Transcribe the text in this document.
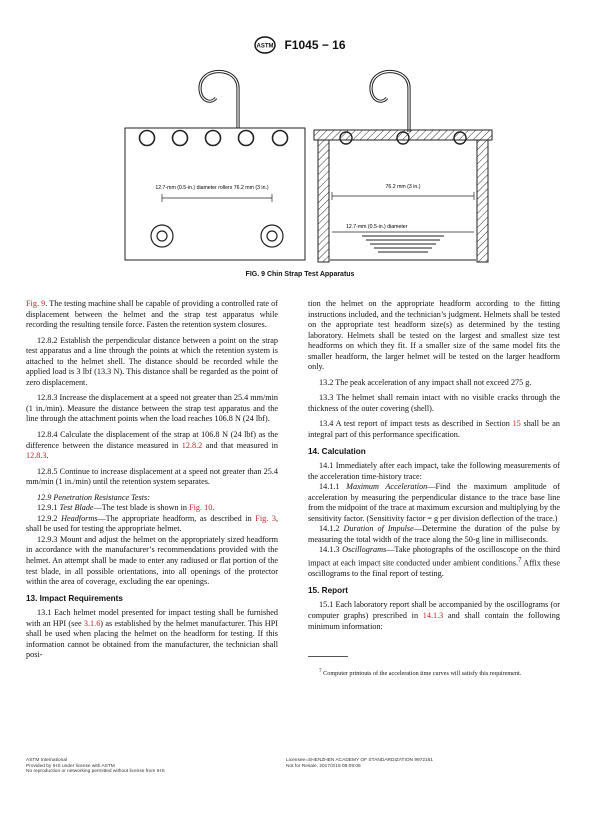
ASTM F1045 − 16
12.7-mm (0.5-in.) diameter rollers 76.2 mm (3 in.)	76.2 mm (3 in.)
12.7-mm (0.5-in.) diameter
FIG. 9 Chin Strap Test Apparatus

Fig. 9. The testing machine shall be capable of providing a controlled rate of displacement between the helmet and the strap test apparatus while recording the resulting tensile force. Fasten the retention system closures.

12.8.2 Establish the perpendicular distance between a point on the strap test apparatus and a line through the points at which the retention system is attached to the helmet shell. The distance should be recorded while the applied load is 3 lbf (13.3 N). This distance shall be regarded as the point of zero displacement.

12.8.3 Increase the displacement at a speed not greater than 25.4 mm/min (1 in./min). Measure the distance between the strap test apparatus and the line through the attachment points when the load reaches 106.8 N (24 lbf).

12.8.4 Calculate the displacement of the strap at 106.8 N (24 lbf) as the difference between the distance measured in 12.8.2 and that measured in 12.8.3.

12.8.5 Continue to increase displacement at a speed not greater than 25.4 mm/min (1 in./min) until the retention system separates.

12.9 Penetration Resistance Tests:

12.9.1 Test Blade—The test blade is shown in Fig. 10.

12.9.2 Headforms—The appropriate headform, as described in Fig. 3, shall be used for testing the appropriate helmet.

12.9.3 Mount and adjust the helmet on the appropriately sized headform in accordance with the manufacturer’s recommendations provided with the helmet. An attempt shall be made to enter any radiused or flat portion of the test blade, in all possible orientations, into all openings of the protector within the area of coverage, excluding the ear openings.

13. Impact Requirements

13.1 Each helmet model presented for impact testing shall be furnished with an HPI (see 3.1.6) as established by the helmet manufacturer. This HPI shall be used when placing the helmet on the headform for testing. If this information cannot be obtained from the manufacturer, the technician shall posi-

tion the helmet on the appropriate headform according to the fitting instructions included, and the technician’s judgment. Helmets shall be tested on the appropriate test headform size(s) as determined by the testing laboratory. Helmets shall be tested on the largest and smallest size test headforms on which they fit. If a smaller size of the same model fits the smaller headform, the larger helmet will be tested on the larger headform only.

13.2 The peak acceleration of any impact shall not exceed 275 g.

13.3 The helmet shall remain intact with no visible cracks through the thickness of the outer covering (shell).

13.4 A test report of impact tests as described in Section 15 shall be an integral part of this performance specification.

14. Calculation

14.1 Immediately after each impact, take the following measurements of the acceleration time-history trace:

14.1.1 Maximum Acceleration—Find the maximum amplitude of acceleration by measuring the perpendicular distance to the trace base line from the midpoint of the trace at maximum excursion and multiplying by the sensitivity factor. (Sensitivity factor = g per division deflection of the trace.)

14.1.2 Duration of Impulse—Determine the duration of the pulse by measuring the total width of the trace along the 50-g line in milliseconds.

14.1.3 Oscillograms—Take photographs of the oscilloscope on the third impact at each impact site conducted under ambient conditions.$^7$ Affix these oscillograms to the final report of testing.

15. Report

15.1 Each laboratory report shall be accompanied by the oscillograms (or computer graphs) prescribed in 14.1.3 and shall contain the following minimum information:

$^7$ Computer printouts of the acceleration time curves will satisfy this requirement.

ASTM International
Provided by IHS under license with ASTM
No reproduction or networking permitted without license from IHS
Licensee=SHENZHEN ACADEMY OF STANDARDIZATION 9972161
Not for Resale, 2017/2/15 08:09:06
